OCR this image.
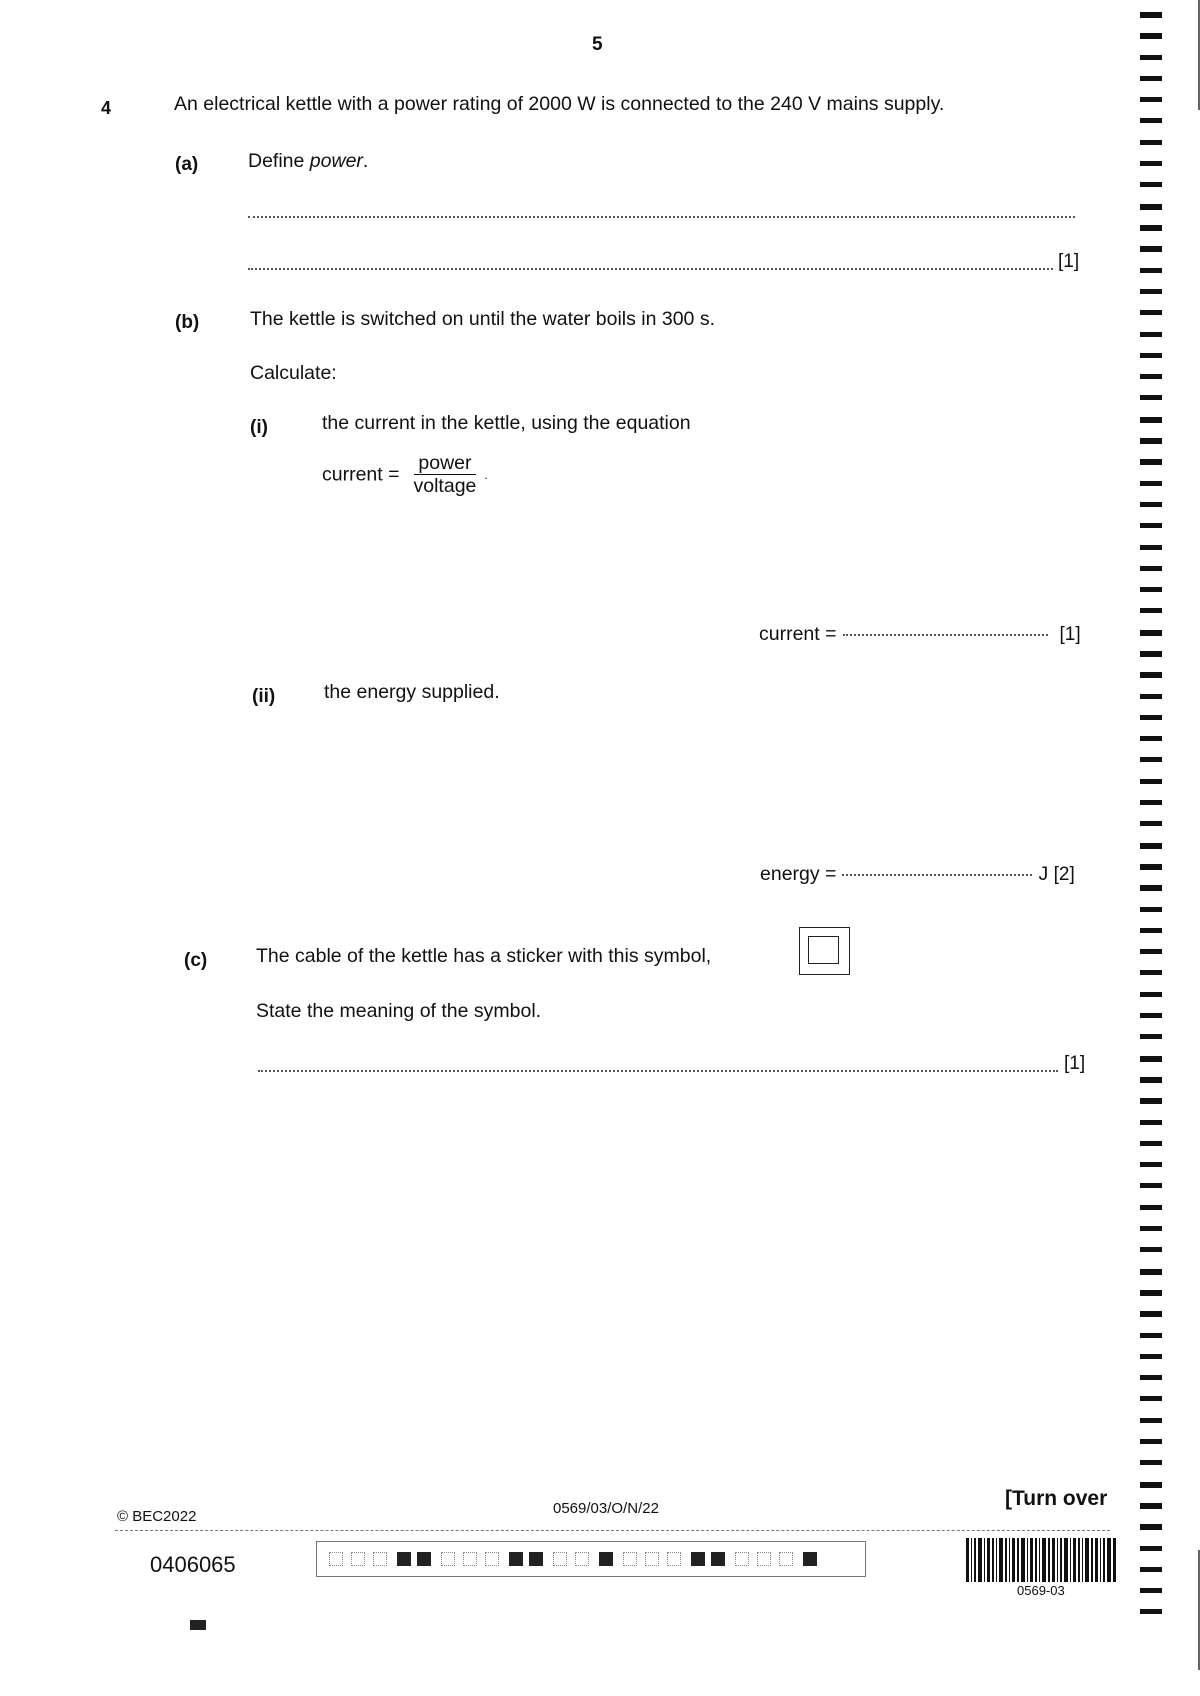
5
4	An electrical kettle with a power rating of 2000 W is connected to the 240 V mains supply.
(a)	Define power.
[1]
(b)	The kettle is switched on until the water boils in 300 s.
Calculate:
(i)	the current in the kettle, using the equation
current = $\frac{\text{power}}{\text{voltage}}$ .
current =	[1]
(ii)	the energy supplied.
energy =	J [2]
(c)	The cable of the kettle has a sticker with this symbol,
State the meaning of the symbol.
[1]
© BEC2022	0569/03/O/N/22	[Turn over
0406065
0569-03
